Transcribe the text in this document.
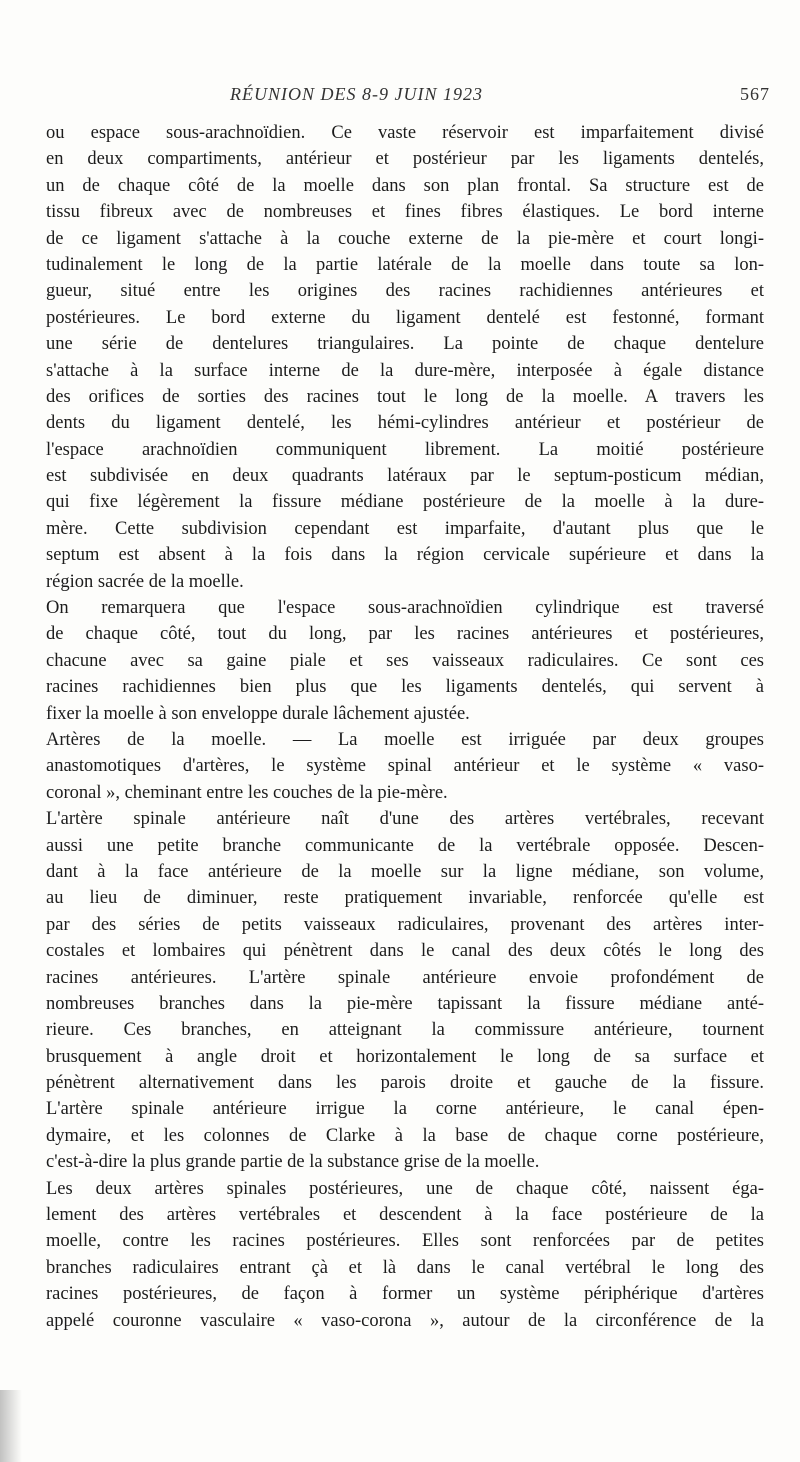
RÉUNION DES 8-9 JUIN 1923	567
ou espace sous-arachnoïdien. Ce vaste réservoir est imparfaitement divisé
en deux compartiments, antérieur et postérieur par les ligaments dentelés,
un de chaque côté de la moelle dans son plan frontal. Sa structure est de
tissu fibreux avec de nombreuses et fines fibres élastiques. Le bord interne
de ce ligament s'attache à la couche externe de la pie-mère et court longi-
tudinalement le long de la partie latérale de la moelle dans toute sa lon-
gueur, situé entre les origines des racines rachidiennes antérieures et
postérieures. Le bord externe du ligament dentelé est festonné, formant
une série de dentelures triangulaires. La pointe de chaque dentelure
s'attache à la surface interne de la dure-mère, interposée à égale distance
des orifices de sorties des racines tout le long de la moelle. A travers les
dents du ligament dentelé, les hémi-cylindres antérieur et postérieur de
l'espace arachnoïdien communiquent librement. La moitié postérieure
est subdivisée en deux quadrants latéraux par le septum-posticum médian,
qui fixe légèrement la fissure médiane postérieure de la moelle à la dure-
mère. Cette subdivision cependant est imparfaite, d'autant plus que le
septum est absent à la fois dans la région cervicale supérieure et dans la
région sacrée de la moelle.
On remarquera que l'espace sous-arachnoïdien cylindrique est traversé
de chaque côté, tout du long, par les racines antérieures et postérieures,
chacune avec sa gaine piale et ses vaisseaux radiculaires. Ce sont ces
racines rachidiennes bien plus que les ligaments dentelés, qui servent à
fixer la moelle à son enveloppe durale lâchement ajustée.
Artères de la moelle. — La moelle est irriguée par deux groupes
anastomotiques d'artères, le système spinal antérieur et le système « vaso-
coronal », cheminant entre les couches de la pie-mère.
L'artère spinale antérieure naît d'une des artères vertébrales, recevant
aussi une petite branche communicante de la vertébrale opposée. Descen-
dant à la face antérieure de la moelle sur la ligne médiane, son volume,
au lieu de diminuer, reste pratiquement invariable, renforcée qu'elle est
par des séries de petits vaisseaux radiculaires, provenant des artères inter-
costales et lombaires qui pénètrent dans le canal des deux côtés le long des
racines antérieures. L'artère spinale antérieure envoie profondément de
nombreuses branches dans la pie-mère tapissant la fissure médiane anté-
rieure. Ces branches, en atteignant la commissure antérieure, tournent
brusquement à angle droit et horizontalement le long de sa surface et
pénètrent alternativement dans les parois droite et gauche de la fissure.
L'artère spinale antérieure irrigue la corne antérieure, le canal épen-
dymaire, et les colonnes de Clarke à la base de chaque corne postérieure,
c'est-à-dire la plus grande partie de la substance grise de la moelle.
Les deux artères spinales postérieures, une de chaque côté, naissent éga-
lement des artères vertébrales et descendent à la face postérieure de la
moelle, contre les racines postérieures. Elles sont renforcées par de petites
branches radiculaires entrant çà et là dans le canal vertébral le long des
racines postérieures, de façon à former un système périphérique d'artères
appelé couronne vasculaire « vaso-corona », autour de la circonférence de la
